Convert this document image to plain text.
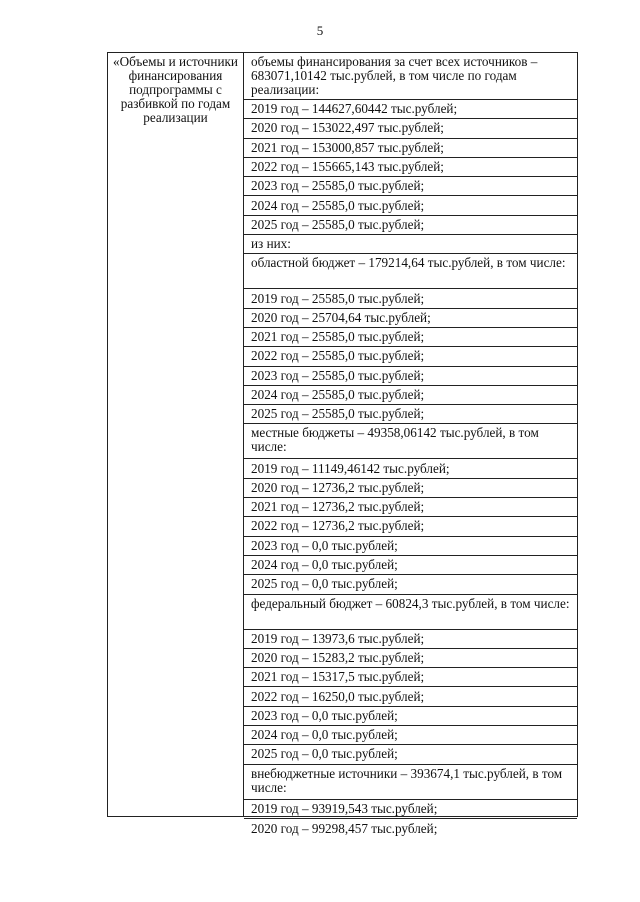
5
«Объемы и источники финансирования подпрограммы с разбивкой по годам реализации
объемы финансирования за счет всех источников – 683071,10142 тыс.рублей, в том числе по годам реализации:
2019 год – 144627,60442 тыс.рублей;
2020 год – 153022,497 тыс.рублей;
2021 год – 153000,857 тыс.рублей;
2022 год – 155665,143 тыс.рублей;
2023 год – 25585,0 тыс.рублей;
2024 год – 25585,0 тыс.рублей;
2025 год – 25585,0 тыс.рублей;
из них:
областной бюджет – 179214,64 тыс.рублей, в том числе:
2019 год – 25585,0 тыс.рублей;
2020 год – 25704,64 тыс.рублей;
2021 год – 25585,0 тыс.рублей;
2022 год – 25585,0 тыс.рублей;
2023 год – 25585,0 тыс.рублей;
2024 год – 25585,0 тыс.рублей;
2025 год – 25585,0 тыс.рублей;
местные бюджеты – 49358,06142 тыс.рублей, в том числе:
2019 год – 11149,46142 тыс.рублей;
2020 год – 12736,2 тыс.рублей;
2021 год – 12736,2 тыс.рублей;
2022 год – 12736,2 тыс.рублей;
2023 год – 0,0 тыс.рублей;
2024 год – 0,0 тыс.рублей;
2025 год – 0,0 тыс.рублей;
федеральный бюджет – 60824,3 тыс.рублей, в том числе:
2019 год – 13973,6 тыс.рублей;
2020 год – 15283,2 тыс.рублей;
2021 год – 15317,5 тыс.рублей;
2022 год – 16250,0 тыс.рублей;
2023 год – 0,0 тыс.рублей;
2024 год – 0,0 тыс.рублей;
2025 год – 0,0 тыс.рублей;
внебюджетные источники – 393674,1 тыс.рублей, в том числе:
2019 год – 93919,543 тыс.рублей;
2020 год – 99298,457 тыс.рублей;
